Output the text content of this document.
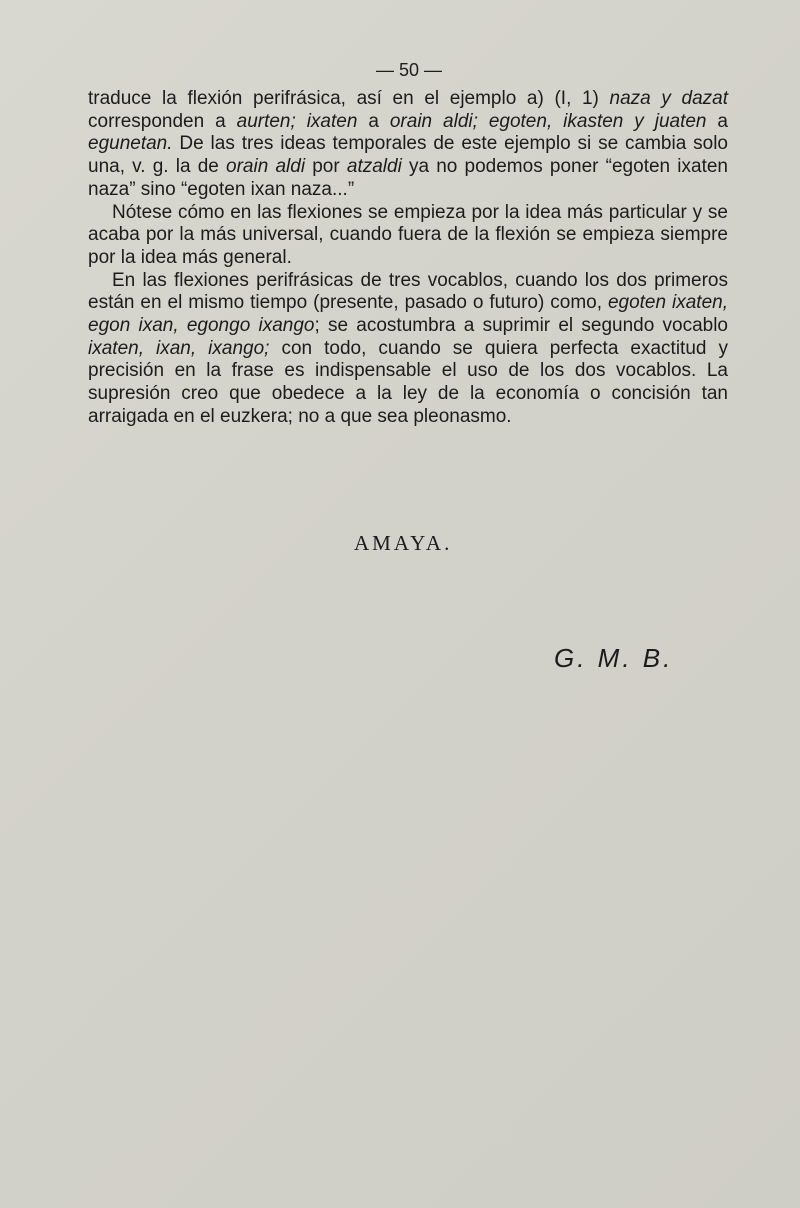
— 50 —

traduce la flexión perifrásica, así en el ejemplo a) (I, 1) naza y dazat corresponden a aurten; ixaten a orain aldi; egoten, ikasten y juaten a egunetan. De las tres ideas temporales de este ejemplo si se cambia solo una, v. g. la de orain aldi por atzaldi ya no podemos poner “egoten ixaten naza” sino “egoten ixan naza...”

Nótese cómo en las flexiones se empieza por la idea más particular y se acaba por la más universal, cuando fuera de la flexión se empieza siempre por la idea más general.

En las flexiones perifrásicas de tres vocablos, cuando los dos primeros están en el mismo tiempo (presente, pasado o futuro) como, egoten ixaten, egon ixan, egongo ixango; se acostumbra a suprimir el segundo vocablo ixaten, ixan, ixango; con todo, cuando se quiera perfecta exactitud y precisión en la frase es indispensable el uso de los dos vocablos. La supresión creo que obedece a la ley de la economía o concisión tan arraigada en el euzkera; no a que sea pleonasmo.

AMAYA.
G. M. B.
